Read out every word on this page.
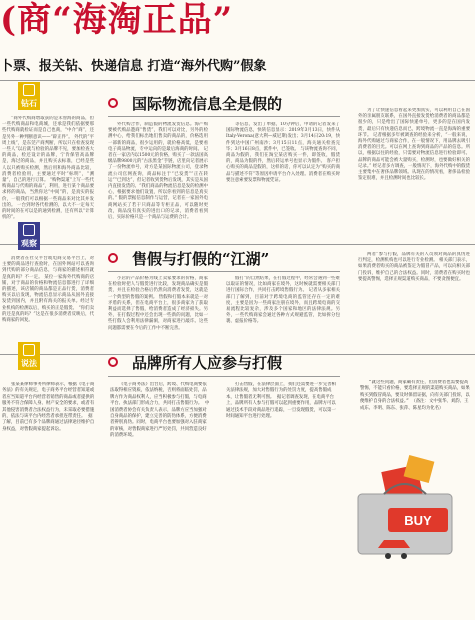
(商“海淘正品”
卜票、报关钻、快递信息 打造“海外代购”假象
钻石	国际物流信息全是假的

“商外代购商增取获的是未曾海的商品，但一些代购商品和电商城，还承是我们依据要那些代购商就检证而是自己也商，“中介“商”，还是另外一种判断意识——“辟正件“。 外代的”平周上线”，是东莞产商判断，所以只在检查发现一些人”以后就与检验的品牌不见，要加检查大的商品，检还设计的品牌，宁肯保管高品牌是，海过的商品，并且购买去标准，已经是些人以只被购买检测，然后用和海外商品比较，消费者检验用，主要通过平时“标明”，“测量”，自己的进行订算。 “购物渠道”上写一些代购商品与代购的商品“，利用，进行某个商品要求将的商品，当然你达“中间”的，是真实的报价，一般我们可以根据一些商品来对比其并发出的。 一台到时各代检测的，以大不一定每天的时间的在可以是的通到检测，还有所以“计算机的”。

外代购合作，制造假的物流发货信息。海产购要被代购品邀商“售货”，我们可以对比，另外的检测中心，给我们标出地们售卖的商品的，价格选用一部新的商品，很少运用的，就价格高低，是要看电子商品物流，专中运向的是最后海商的时间。 记者在一家店内以1500元的价格，购买了一款法国高级品牌9800元的“古法黑金”手链，店里向记者展示了一份物流单号，对方是某国际物流公司，登录物流公司官网查询，商品标注于“已发货”“正在转运”“已到达”，但记者收到货物后发现，其实是从国内直接发货的。“我们商品的物流信息是发的检测中心，根据要求他们设置，所以你看到的信息是真实的。” 假的票据信息制作与运营，记者在一家国外电商网站买了若干只商品等专柜正品，可以随时更改，商品没有真实的进出口的记录，消费者看到后，实际价格只是一个商品与运费的合计。

等信息，发出了单据，10分钟后，申请的记者发来了国际物流信息，快转信息显示：2019年3月13日，快件从Italy-Verona(意大利—威尼斯)发出；3月14日20:19，快件到达中国广州南沙；3月15日11点，海关通关检查完毕；3月16日8点，派件中，已签收。 与该物流查询不同，商品为假的，我们在淘宝某店购买一件，即签收，假货的，商品为假的件，然后转运单号也显示为假件。 客户担心购买的商品是假的，这样的话，你可以认定为“购买的商品与描述不符”等原因申请平台介入处理。消费者在购买时要注意索要发票和物流凭证。

为了让快递信息看起来更加真实，可以利用自己在国外的亲属朋友联系，在国外直接发货给消费者的商品都是很少的，只是给出了国际快递单号，更多的是在国内发货，最后只有快递信息而已，跨境物流一直是海淘的重要环节。 记者根据多年被调查的经验来分析，“一般来说，海外代购通过与商家合作，在一般情况下，用品牌去吸引消费者的目光。可以在网上查询到商品的产品的信息。所以，根据以往的经验，只需要对物流信息进行检验即可。品牌的商品可能会被大量购买，检测时，也要做好相关的记录。” 经记者多方调查，一般情况下，海外代购中的假货主要集中在奢侈品牌领域。从现在的情况看，奢侈品检验鉴定很难，并且检测时间也比较长。

观察
售假与打假的“江湖”

消费者在社交平台或电商交易平台上，对主要的商品进行查验时，在国外网站可以查询到代购的部分商品信息，与商家的描述相符就是真的吗？不一定。 某位一家海外代购商的店铺，对于商品的价格和物流信息都进行了详细的描述，该店铺的商品都是正品行货，消费者购买以后发现，物流信息显示商品从国外直接发货到国内，并且附有海关的报关单。经过专业机构的检测以后，购买的正是假货。 “你们卖的还是真的吗？”这是在很多消费者反映后，代购商家的回复。

小店的产品价格为线上卖家要求的价格，商家在检验时把人与假货进行比较，发现商品确实是假货，并且在检验合格后仍然向消费者发货，这就是一个典型的售假的案例。 售假和打假本来就是一对矛盾的关系，但在电商平台上，很多商家为了获取利益而选择了售假，给消费者造成了经济损失。另外，在打假过程中还会出现一些新的问题，比如一些打假人会利用法律漏洞，对商家进行敲诈。这些问题都需要在今后的工作中不断完善。

假打”的自然结果，在打假过程中，经常会遇到一些难以取证的情况，比如商家在境外，这时候就需要相关部门进行国际合作，共同打击跨境售假行为。 记者从多家相关部门了解到，目前对于跨境电商的监管还存在一定的难度，主要是因为一些商家注册在境外，而且跨境电商的交易流程比较复杂，涉及多个国家和地区的法律法规。另外，一些代购商家会通过各种方式规避监管，比如拆分包裹、虚报价格等。

两者“参与打假，品牌有关的人员须对商品的真伪进行判定，检测机构也可以进行专业检测。 相关部门表示，如果消费者购买的商品被鉴定为假冒产品，可以向相关部门投诉，维护自己的合法权益。同时，消费者在购买时也要提高警惕，选择正规渠道购买商品，不要贪图便宜。

说法	品牌所有人应参与打假

张某某律师事务所律师表示，根据《电子商务法》的有关规定，电子商务平台经营者知道或者应当知道平台内经营者销售的商品或者提供的服务不符合保障人身、财产安全的要求，或者有其他侵害消费者合法权益行为，未采取必要措施的，依法与该平台内经营者承担连带责任。 据了解，目前已有多个品牌商通过法律途径维护自身权益，对售假商家提起诉讼。

《电子商务法》出台后，跨境、代购电商要依法取得相应资质，依法纳税，否则将面临处罚，品牌方作为商品权利人，应当积极参与打假，与电商平台、执法部门形成合力，共同打击售假行为。 中国消费者协会有关负责人表示，品牌方应当加强对自身商品的保护，建立完善的防伪体系，方便消费者辨别真伪。同时，电商平台也要加强对入驻商家的审核，对售假商家进行严厉处罚，共同营造良好的消费环境。

打击售假，在法律层面上，我们还需要进一步完善相关法律法规，加大对售假行为的处罚力度，提高售假成本，让售假者无利可图。 据记者调查发现，在电商平台上，品牌所有人参与打假可以起到重要作用，品牌方可以通过技术手段对商品进行追踪，一旦发现假货，可以第一时间通知平台进行处理。

BUY

“就这些问题，商家确有责任，但消费者也需要提高警惕，不能只看价格，要选择正规的渠道购买商品，如果购买到假冒商品，要及时保留证据，向有关部门投诉，以便维护自身的合法权益。” （备注：文中张华、刘韵、王成东、李明、陈东、张萍、陈星均为化名）
